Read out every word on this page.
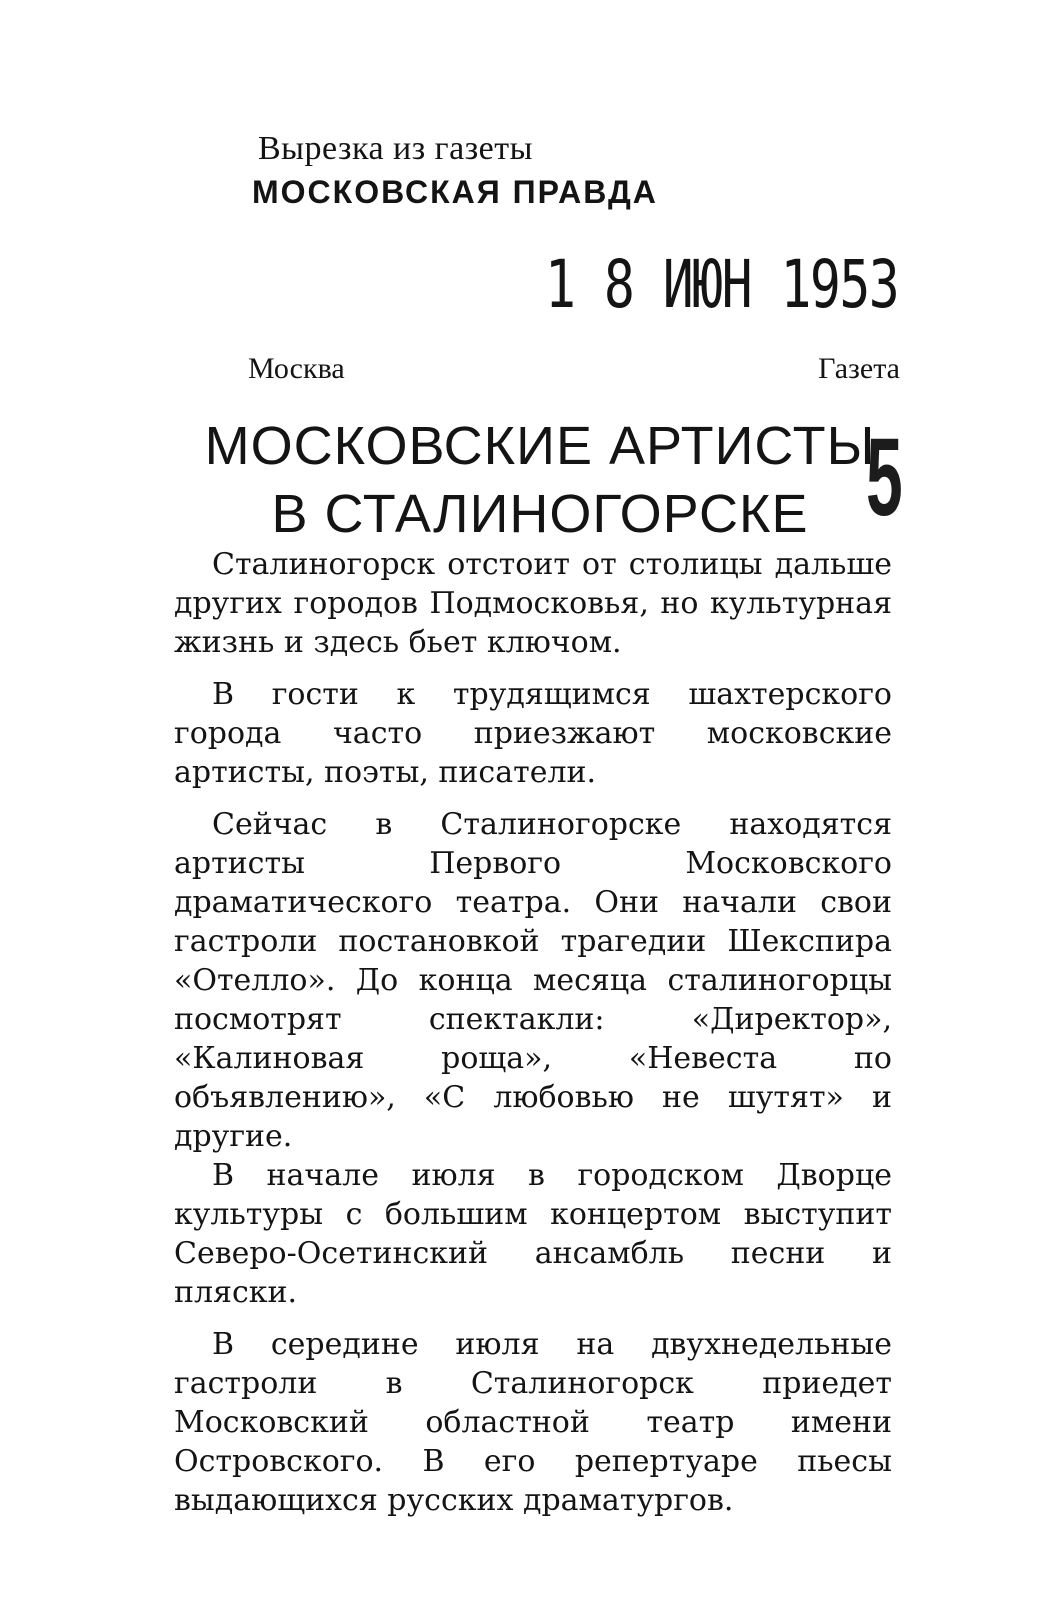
Вырезка из газеты
МОСКОВСКАЯ ПРАВДА
1 8 ИЮН 1953
Москва	Газета
МОСКОВСКИЕ АРТИСТЫ
В СТАЛИНОГОРСКЕ 5

Сталиногорск отстоит от столицы дальше других городов Подмосковья, но культурная жизнь и здесь бьет ключом.

В гости к трудящимся шахтерского города часто приезжают московские артисты, поэты, писатели.

Сейчас в Сталиногорске находятся артисты Первого Московского драматического театра. Они начали свои гастроли постановкой трагедии Шекспира «Отелло». До конца месяца сталиногорцы посмотрят спектакли: «Директор», «Калиновая роща», «Невеста по объявлению», «С любовью не шутят» и другие.

В начале июля в городском Дворце культуры с большим концертом выступит Северо-Осетинский ансамбль песни и пляски.

В середине июля на двухнедельные гастроли в Сталиногорск приедет Московский областной театр имени Островского. В его репертуаре пьесы выдающихся русских драматургов.
